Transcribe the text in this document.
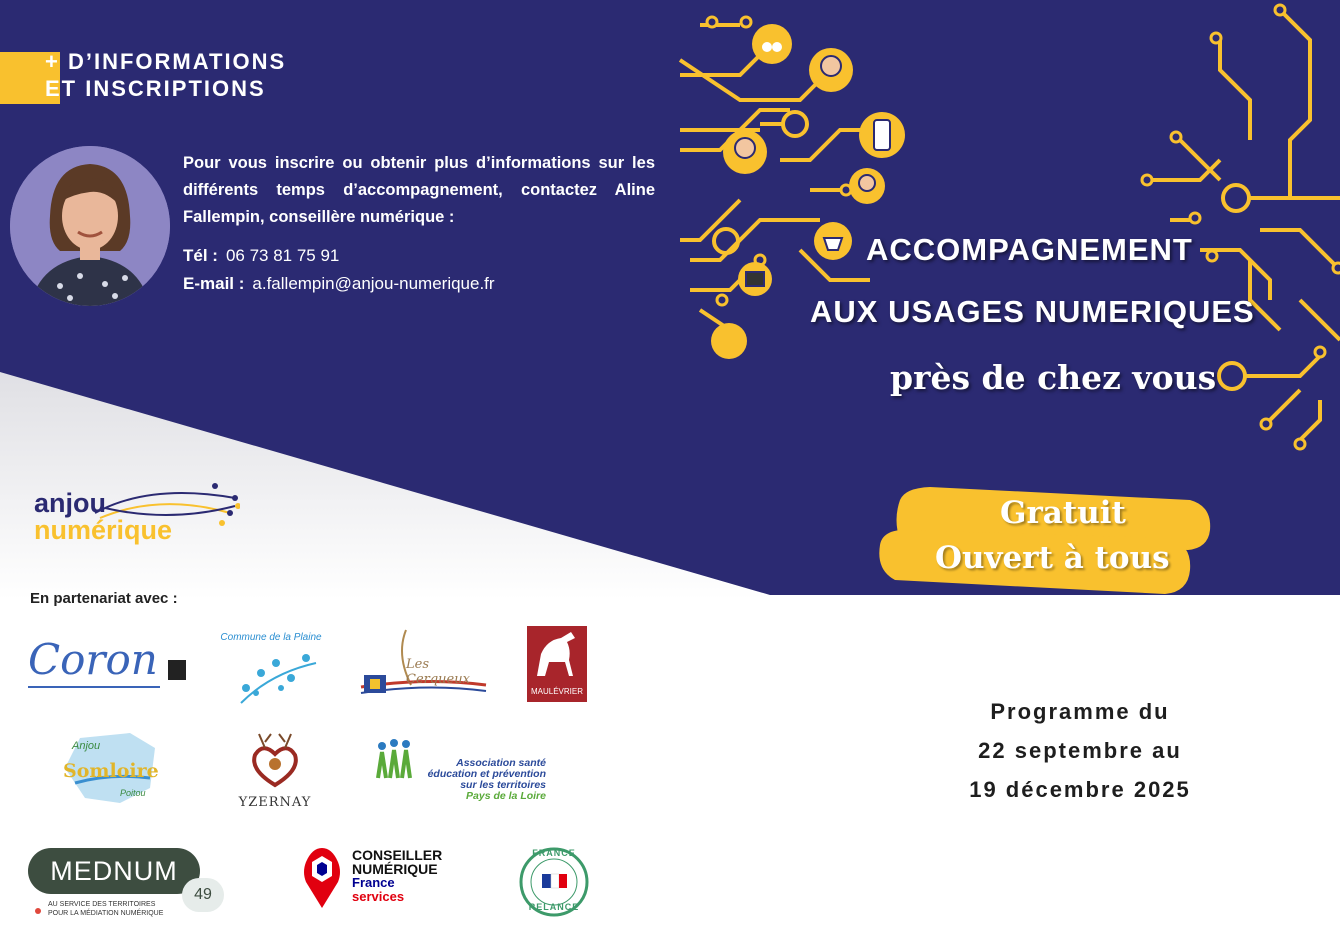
+ D’INFORMATIONS
ET INSCRIPTIONS
Pour vous inscrire ou obtenir plus d’informations sur les différents temps d’accompagnement, contactez Aline Fallempin, conseillère numérique :
Tél : 06 73 81 75 91
E-mail : a.fallempin@anjou-numerique.fr
ACCOMPAGNEMENT
AUX USAGES NUMERIQUES
près de chez vous
Gratuit
Ouvert à tous
Programme du
22 septembre au
19 décembre 2025
anjou
numérique
En partenariat avec :
Coron	Commune de la Plaine
Les Cerqueux
MAULÉVRIER
Anjou
Somloire
Poitou
YZERNAY
Association santé
éducation et prévention
sur les territoires
Pays de la Loire
MEDNUM
49
AU SERVICE DES TERRITOIRES
POUR LA MÉDIATION NUMÉRIQUE
CONSEILLER
NUMÉRIQUE
France
services
FRANCE
RELANCE
